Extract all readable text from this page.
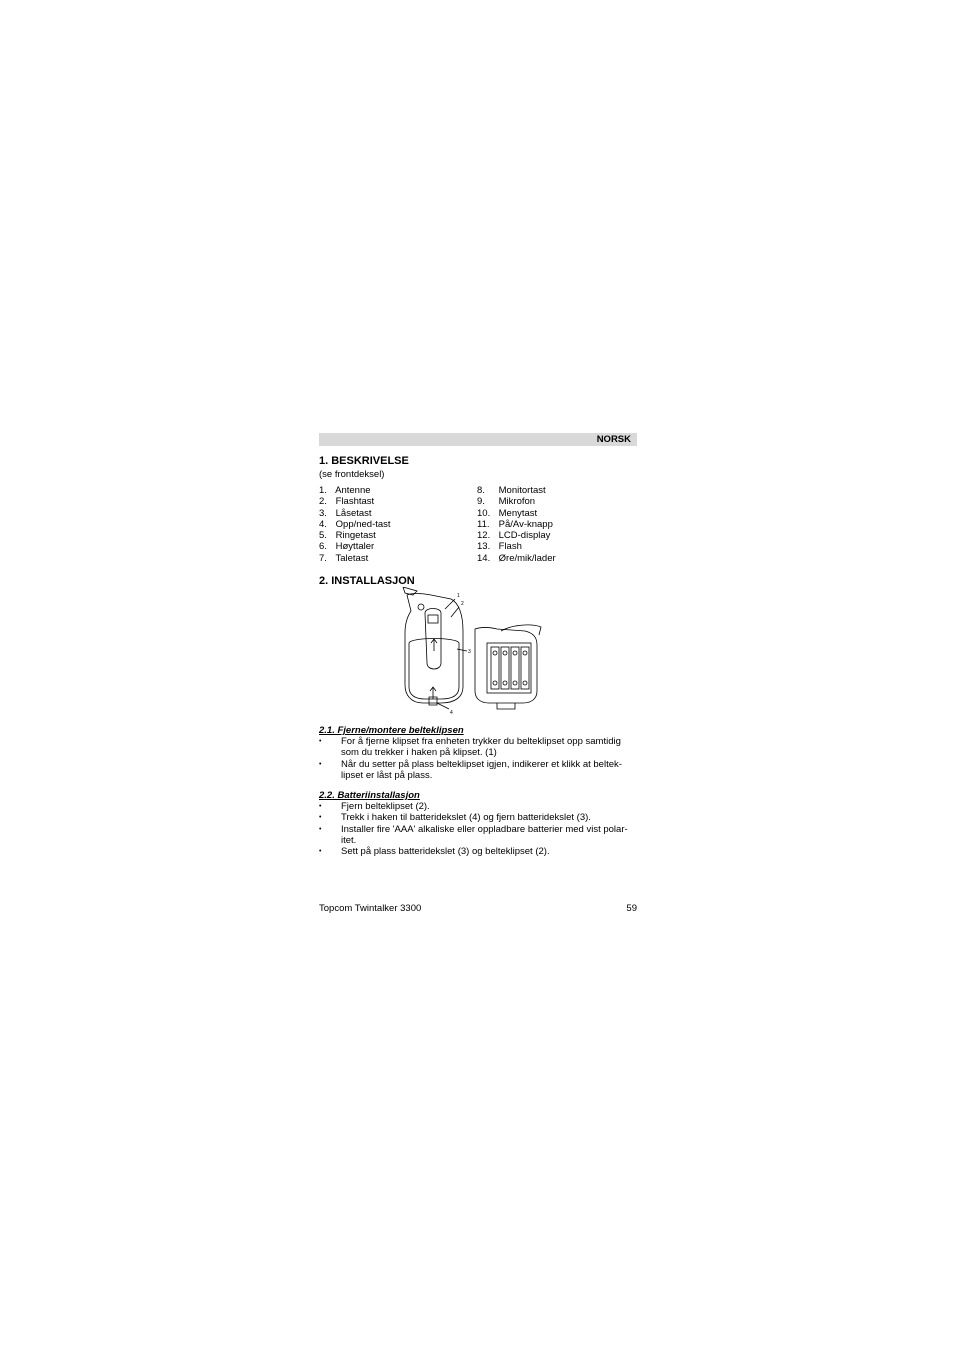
NORSK
1. BESKRIVELSE
(se frontdeksel)
1. Antenne
2. Flashtast
3. Låsetast
4. Opp/ned-tast
5. Ringetast
6. Høyttaler
7. Taletast
8. Monitortast
9. Mikrofon
10. Menytast
11. På/Av-knapp
12. LCD-display
13. Flash
14. Øre/mik/lader
2. INSTALLASJON
1
2
3
4
2.1. Fjerne/montere belteklipsen
• For å fjerne klipset fra enheten trykker du belteklipset opp samtidig som du trekker i haken på klipset. (1)
• Når du setter på plass belteklipset igjen, indikerer et klikk at beltek-lipset er låst på plass.
2.2. Batteriinstallasjon
• Fjern belteklipset (2).
• Trekk i haken til batteridekslet (4) og fjern batteridekslet (3).
• Installer fire 'AAA' alkaliske eller oppladbare batterier med vist polar-itet.
• Sett på plass batteridekslet (3) og belteklipset (2).
Topcom Twintalker 3300	59
